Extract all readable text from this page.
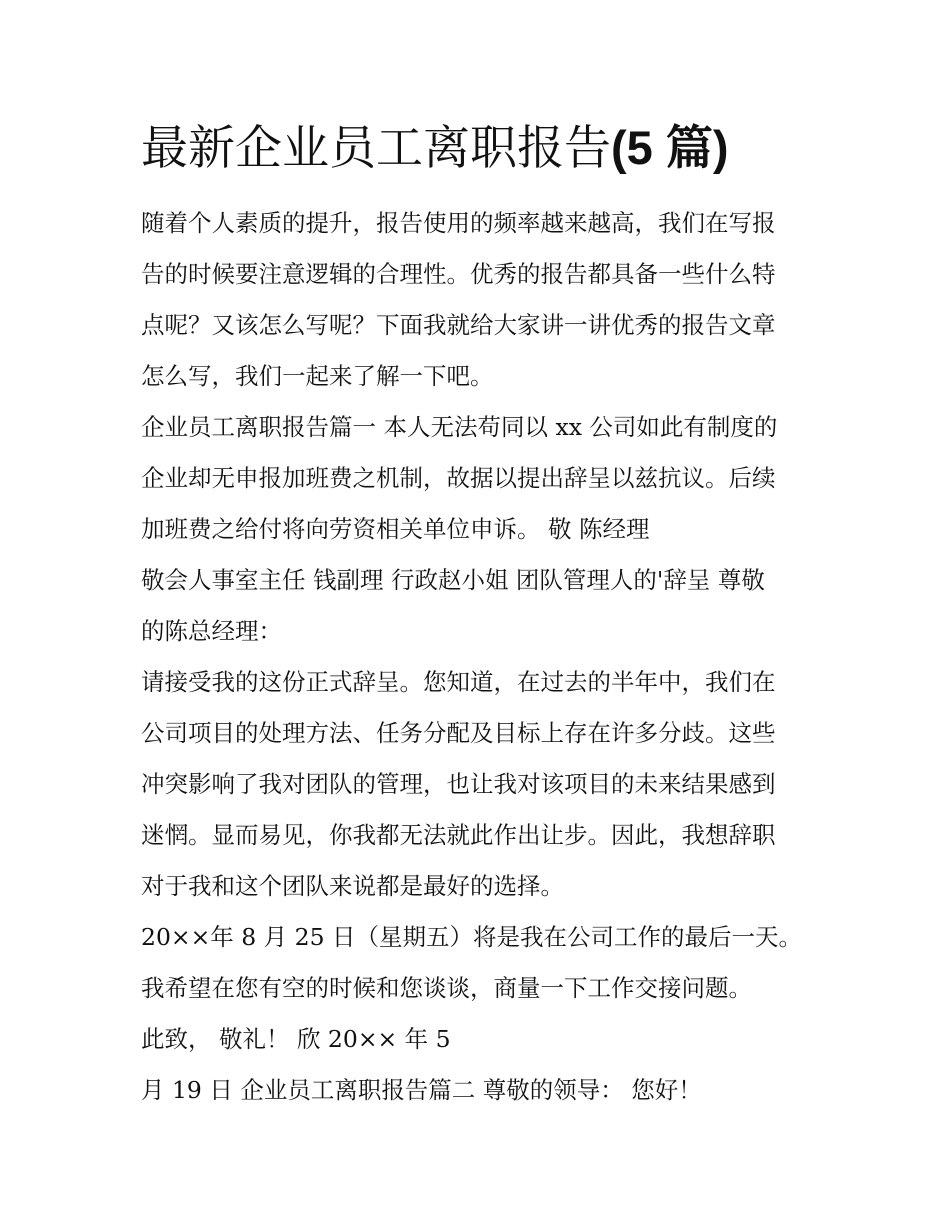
最新企业员工离职报告(5 篇)
随着个人素质的提升，报告使用的频率越来越高，我们在写报
告的时候要注意逻辑的合理性。优秀的报告都具备一些什么特
点呢？又该怎么写呢？下面我就给大家讲一讲优秀的报告文章
怎么写，我们一起来了解一下吧。
企业员工离职报告篇一 本人无法苟同以 xx 公司如此有制度的
企业却无申报加班费之机制，故据以提出辞呈以兹抗议。后续
加班费之给付将向劳资相关单位申诉。 敬 陈经理
敬会人事室主任 钱副理 行政赵小姐 团队管理人的'辞呈 尊敬
的陈总经理：
请接受我的这份正式辞呈。您知道，在过去的半年中，我们在
公司项目的处理方法、任务分配及目标上存在许多分歧。这些
冲突影响了我对团队的管理，也让我对该项目的未来结果感到
迷惘。显而易见，你我都无法就此作出让步。因此，我想辞职
对于我和这个团队来说都是最好的选择。
20××年 8 月 25 日（星期五）将是我在公司工作的最后一天。
我希望在您有空的时候和您谈谈，商量一下工作交接问题。
此致， 敬礼！ 欣 20×× 年 5
月 19 日 企业员工离职报告篇二 尊敬的领导： 您好！
